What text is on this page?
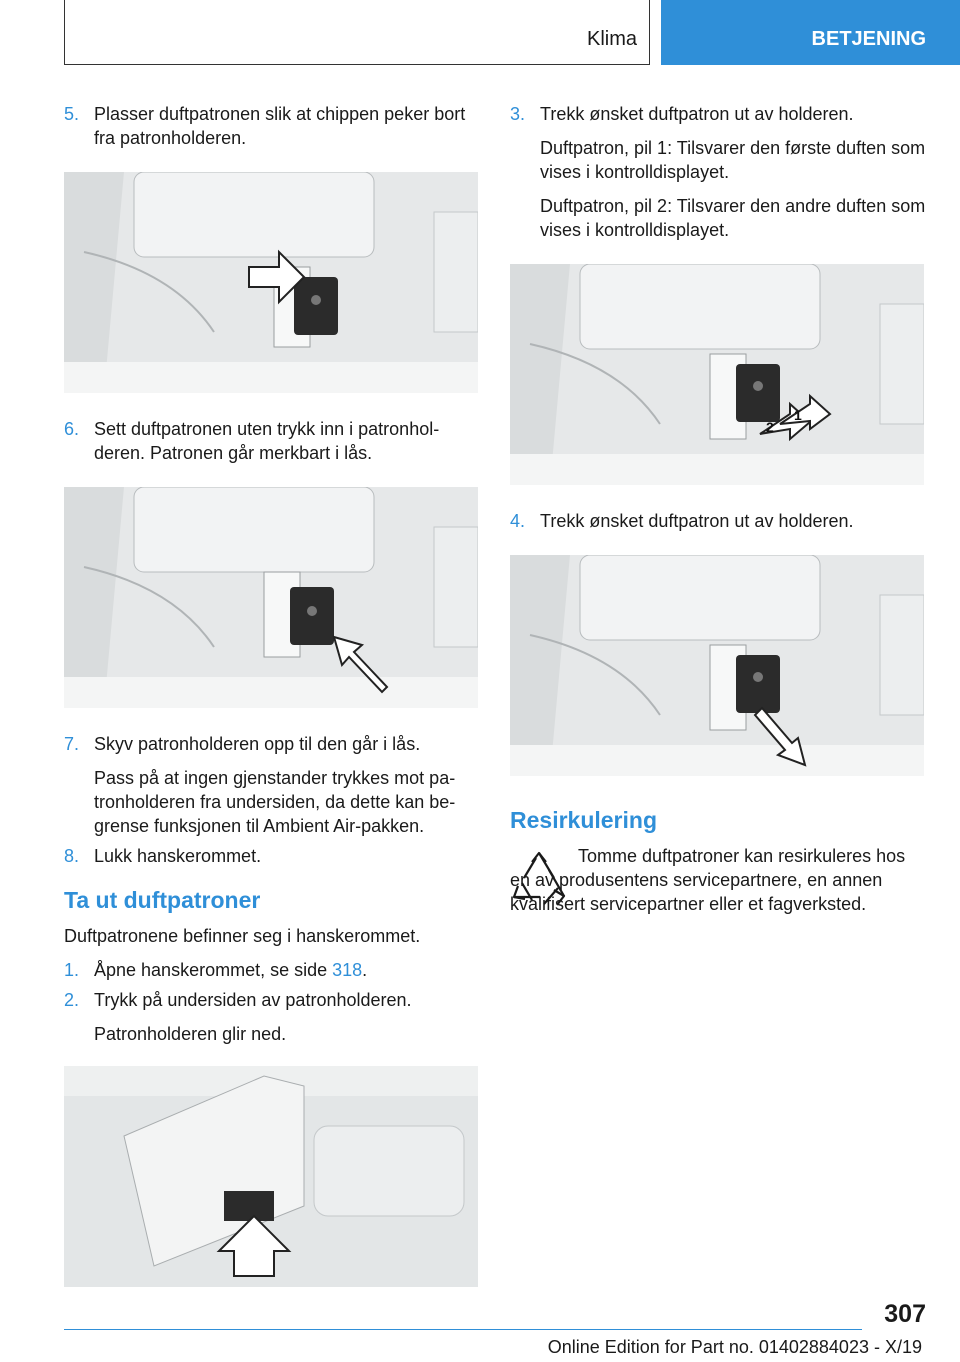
Klima	BETJENING
5. Plasser duftpatronen slik at chippen peker bort fra patronholderen.

6. Sett duftpatronen uten trykk inn i patronholderen. Patronen går merkbart i lås.

7. Skyv patronholderen opp til den går i lås.

Pass på at ingen gjenstander trykkes mot patronholderen fra undersiden, da dette kan begrense funksjonen til Ambient Air-pakken.

8. Lukk hanskerommet.

Ta ut duftpatroner
Duftpatronene befinner seg i hanskerommet.
1. Åpne hanskerommet, se side 318.

2. Trykk på undersiden av patronholderen.

Patronholderen glir ned.

3. Trekk ønsket duftpatron ut av holderen.

Duftpatron, pil 1: Tilsvarer den første duften som vises i kontrolldisplayet.

Duftpatron, pil 2: Tilsvarer den andre duften som vises i kontrolldisplayet.

2
1
4. Trekk ønsket duftpatron ut av holderen.

Resirkulering

Tomme duftpatroner kan resirkuleres hos en av produsentens servicepartnere, en annen kvalifisert servicepartner eller et fagverksted.

307
Online Edition for Part no. 01402884023 - X/19
